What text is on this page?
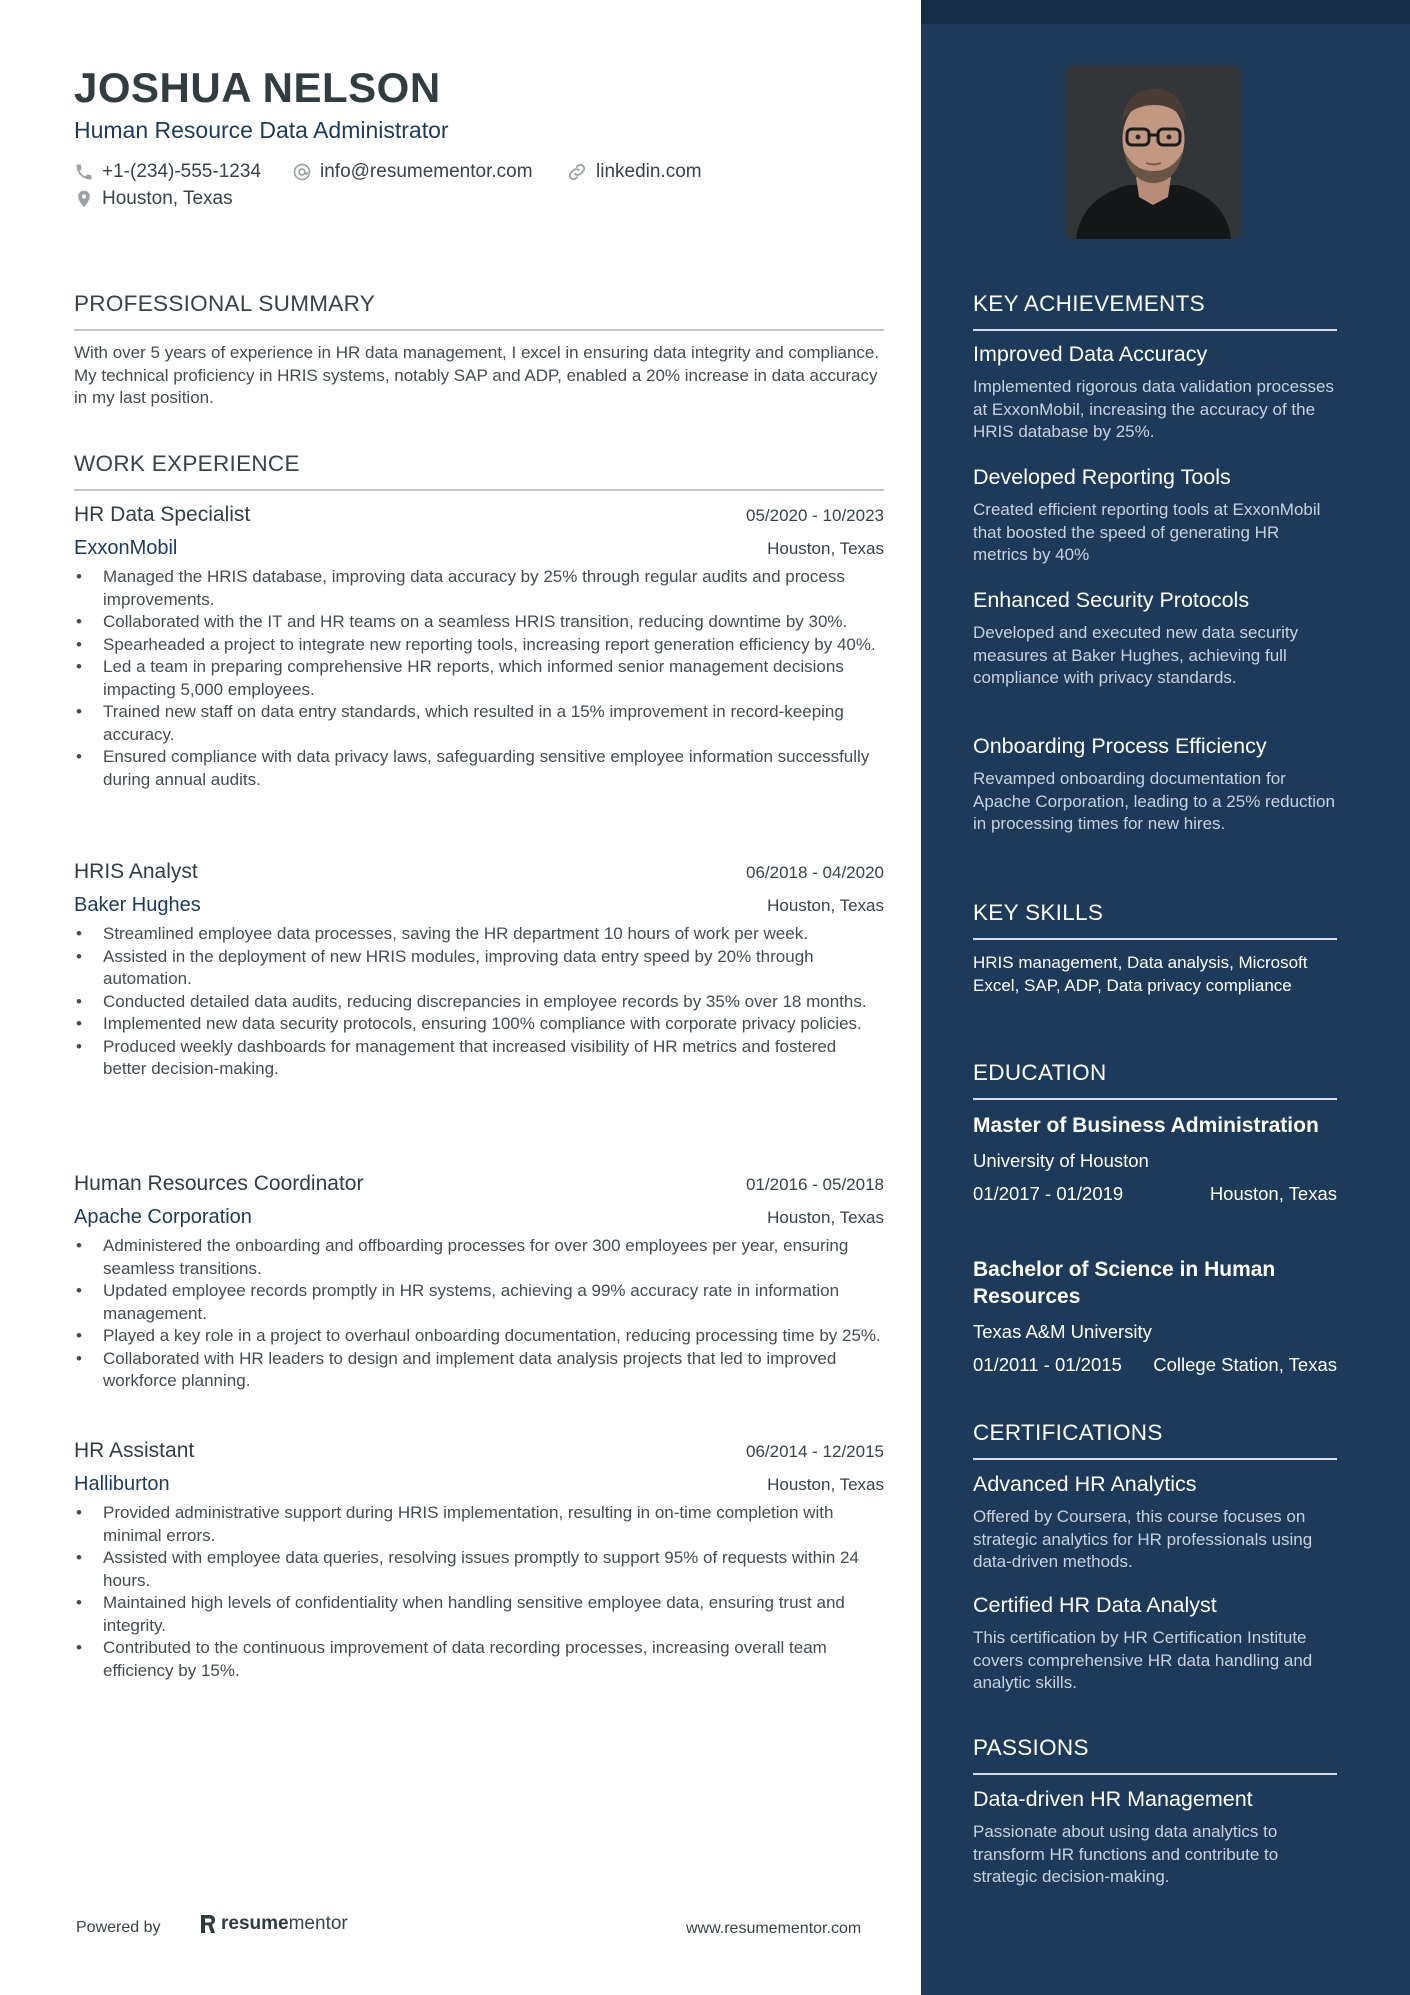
JOSHUA NELSON
Human Resource Data Administrator
+1-(234)-555-1234	info@resumementor.com	linkedin.com
Houston, Texas
PROFESSIONAL SUMMARY
With over 5 years of experience in HR data management, I excel in ensuring data integrity and compliance. My technical proficiency in HRIS systems, notably SAP and ADP, enabled a 20% increase in data accuracy in my last position.
WORK EXPERIENCE
HR Data Specialist	05/2020 - 10/2023
ExxonMobil	Houston, Texas
• Managed the HRIS database, improving data accuracy by 25% through regular audits and process improvements.
• Collaborated with the IT and HR teams on a seamless HRIS transition, reducing downtime by 30%.
• Spearheaded a project to integrate new reporting tools, increasing report generation efficiency by 40%.
• Led a team in preparing comprehensive HR reports, which informed senior management decisions impacting 5,000 employees.
• Trained new staff on data entry standards, which resulted in a 15% improvement in record-keeping accuracy.
• Ensured compliance with data privacy laws, safeguarding sensitive employee information successfully during annual audits.
HRIS Analyst	06/2018 - 04/2020
Baker Hughes	Houston, Texas
• Streamlined employee data processes, saving the HR department 10 hours of work per week.
• Assisted in the deployment of new HRIS modules, improving data entry speed by 20% through automation.
• Conducted detailed data audits, reducing discrepancies in employee records by 35% over 18 months.
• Implemented new data security protocols, ensuring 100% compliance with corporate privacy policies.
• Produced weekly dashboards for management that increased visibility of HR metrics and fostered better decision-making.
Human Resources Coordinator	01/2016 - 05/2018
Apache Corporation	Houston, Texas
• Administered the onboarding and offboarding processes for over 300 employees per year, ensuring seamless transitions.
• Updated employee records promptly in HR systems, achieving a 99% accuracy rate in information management.
• Played a key role in a project to overhaul onboarding documentation, reducing processing time by 25%.
• Collaborated with HR leaders to design and implement data analysis projects that led to improved workforce planning.
HR Assistant	06/2014 - 12/2015
Halliburton	Houston, Texas
• Provided administrative support during HRIS implementation, resulting in on-time completion with minimal errors.
• Assisted with employee data queries, resolving issues promptly to support 95% of requests within 24 hours.
• Maintained high levels of confidentiality when handling sensitive employee data, ensuring trust and integrity.
• Contributed to the continuous improvement of data recording processes, increasing overall team efficiency by 15%.
Powered by	resume mentor	www.resumementor.com
KEY ACHIEVEMENTS
Improved Data Accuracy
Implemented rigorous data validation processes at ExxonMobil, increasing the accuracy of the HRIS database by 25%.
Developed Reporting Tools
Created efficient reporting tools at ExxonMobil that boosted the speed of generating HR metrics by 40%
Enhanced Security Protocols
Developed and executed new data security measures at Baker Hughes, achieving full compliance with privacy standards.
Onboarding Process Efficiency
Revamped onboarding documentation for Apache Corporation, leading to a 25% reduction in processing times for new hires.
KEY SKILLS
HRIS management, Data analysis, Microsoft Excel, SAP, ADP, Data privacy compliance
EDUCATION
Master of Business Administration
University of Houston
01/2017 - 01/2019	Houston, Texas
Bachelor of Science in Human Resources
Texas A&M University
01/2011 - 01/2015 College Station, Texas
CERTIFICATIONS
Advanced HR Analytics
Offered by Coursera, this course focuses on strategic analytics for HR professionals using data-driven methods.
Certified HR Data Analyst
This certification by HR Certification Institute covers comprehensive HR data handling and analytic skills.
PASSIONS
Data-driven HR Management
Passionate about using data analytics to transform HR functions and contribute to strategic decision-making.
